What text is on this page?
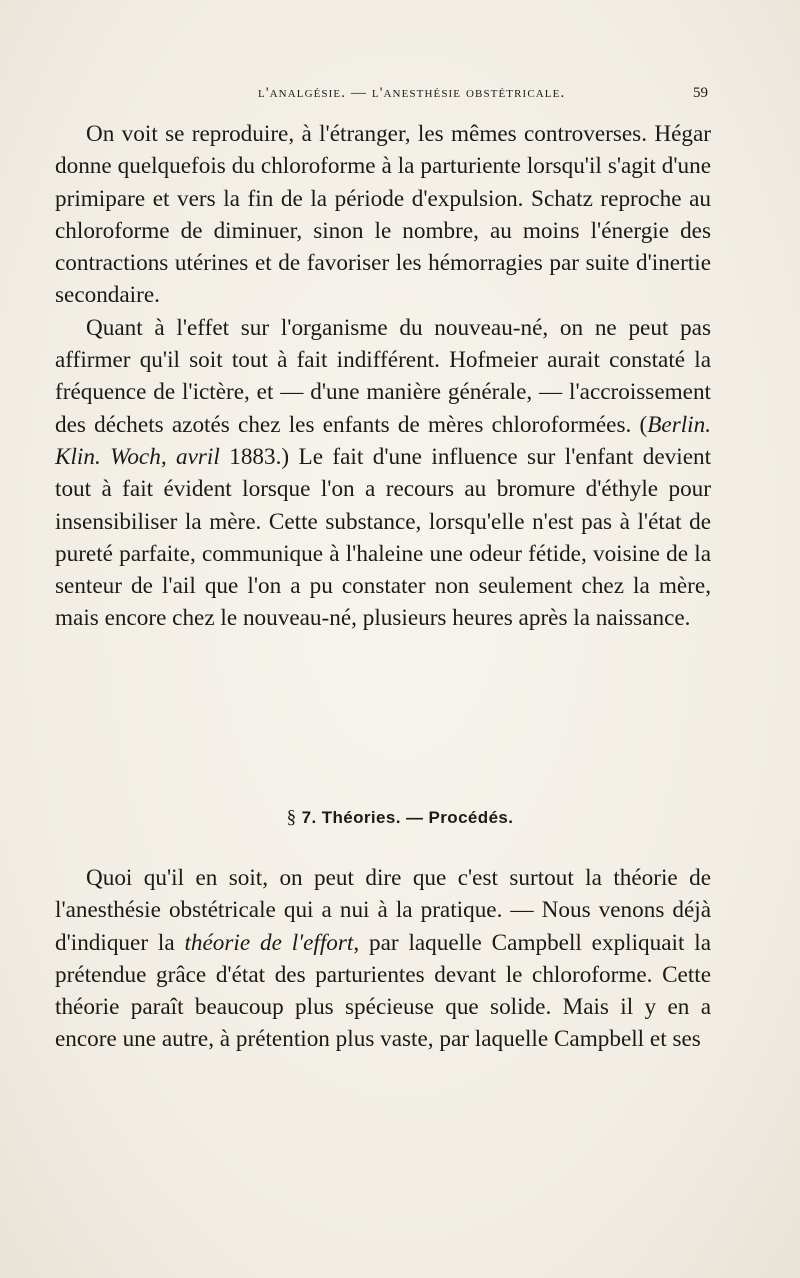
l'analgésie. — l'anesthésie obstétricale.	59

On voit se reproduire, à l'étranger, les mêmes controverses. Hégar donne quelquefois du chloroforme à la parturiente lorsqu'il s'agit d'une primipare et vers la fin de la période d'expulsion. Schatz reproche au chloroforme de diminuer, sinon le nombre, au moins l'énergie des contractions utérines et de favoriser les hémorragies par suite d'inertie secondaire.

Quant à l'effet sur l'organisme du nouveau-né, on ne peut pas affirmer qu'il soit tout à fait indifférent. Hofmeier aurait constaté la fréquence de l'ictère, et — d'une manière générale, — l'accroissement des déchets azotés chez les enfants de mères chloroformées. (Berlin. Klin. Woch, avril 1883.) Le fait d'une influence sur l'enfant devient tout à fait évident lorsque l'on a recours au bromure d'éthyle pour insensibiliser la mère. Cette substance, lorsqu'elle n'est pas à l'état de pureté parfaite, communique à l'haleine une odeur fétide, voisine de la senteur de l'ail que l'on a pu constater non seulement chez la mère, mais encore chez le nouveau-né, plusieurs heures après la naissance.

§ 7. Théories. — Procédés.

Quoi qu'il en soit, on peut dire que c'est surtout la théorie de l'anesthésie obstétricale qui a nui à la pratique. — Nous venons déjà d'indiquer la théorie de l'effort, par laquelle Campbell expliquait la prétendue grâce d'état des parturientes devant le chloroforme. Cette théorie paraît beaucoup plus spécieuse que solide. Mais il y en a encore une autre, à prétention plus vaste, par laquelle Campbell et ses
